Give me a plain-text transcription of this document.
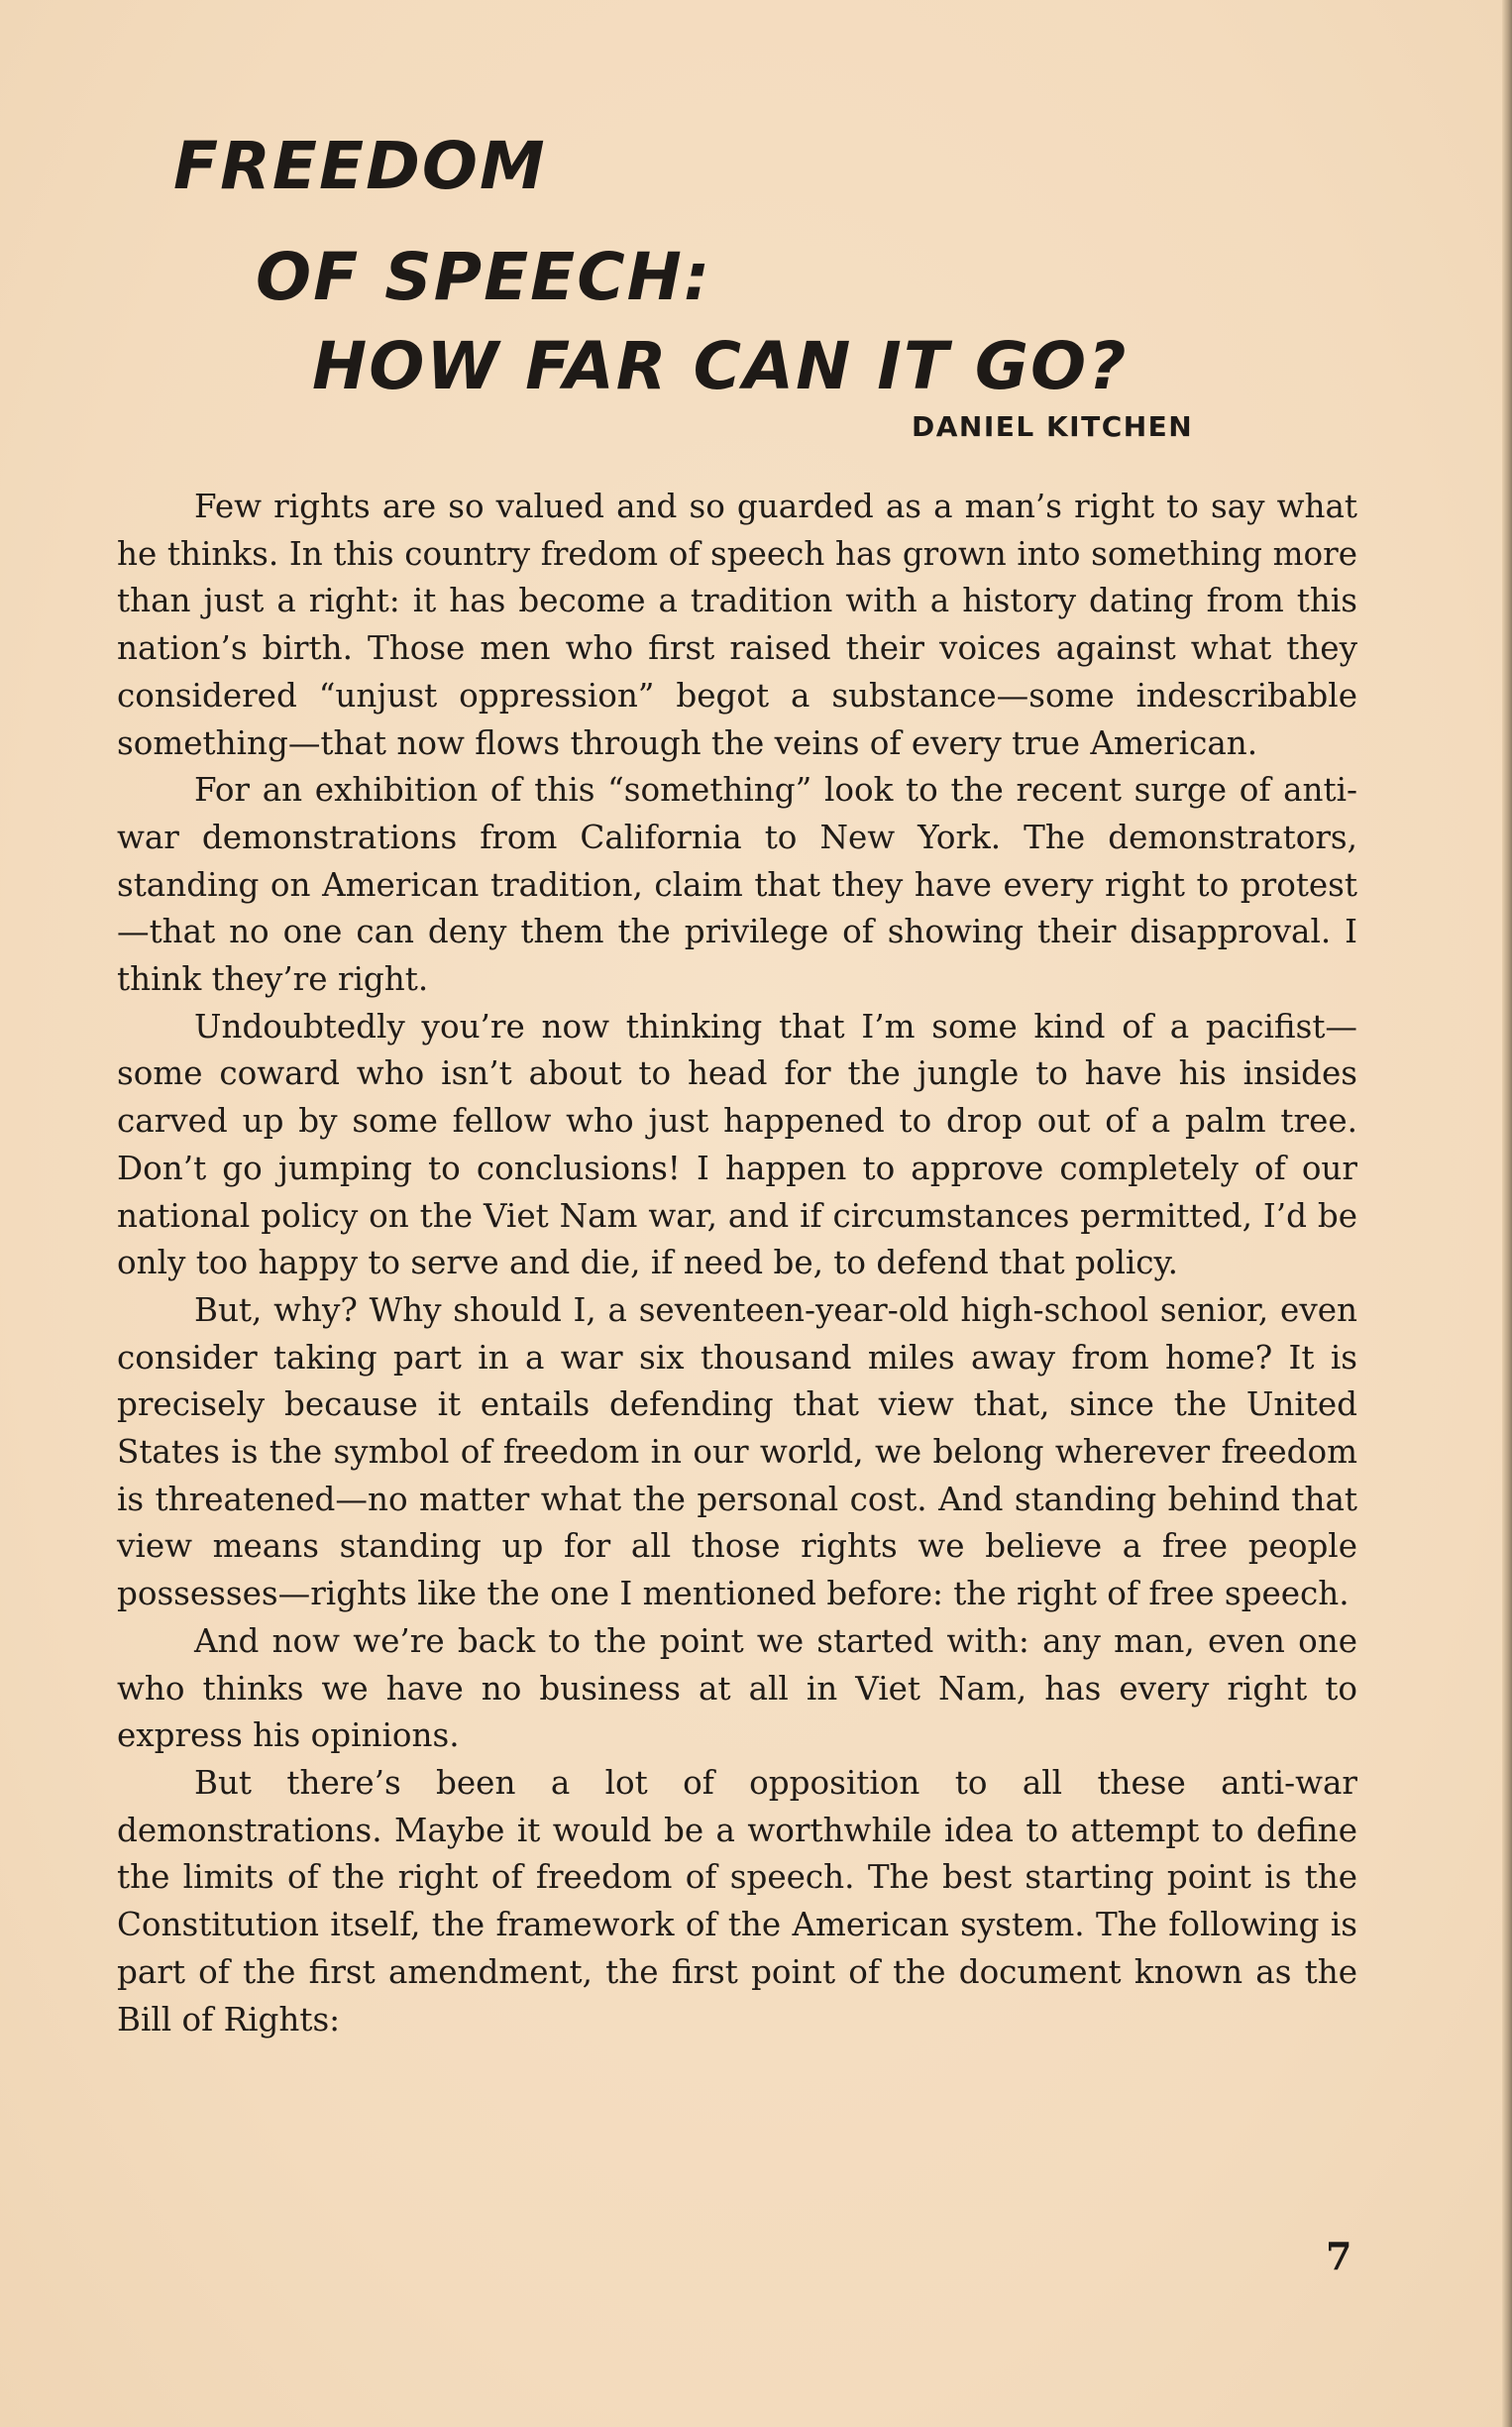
FREEDOM
OF SPEECH:
HOW FAR CAN IT GO?
DANIEL KITCHEN

Few rights are so valued and so guarded as a man’s right to say what he thinks. In this country fredom of speech has grown into something more than just a right: it has become a tradition with a history dating from this nation’s birth. Those men who first raised their voices against what they considered “unjust oppression” begot a substance—some indescribable something—that now flows through the veins of every true American.

For an exhibition of this “something” look to the recent surge of anti-war demonstrations from California to New York. The demonstrators, standing on American tradition, claim that they have every right to protest—that no one can deny them the privilege of showing their disapproval. I think they’re right.

Undoubtedly you’re now thinking that I’m some kind of a pacifist—some coward who isn’t about to head for the jungle to have his insides carved up by some fellow who just happened to drop out of a palm tree. Don’t go jumping to conclusions! I happen to approve completely of our national policy on the Viet Nam war, and if circumstances permitted, I’d be only too happy to serve and die, if need be, to defend that policy.

But, why? Why should I, a seventeen-year-old high-school senior, even consider taking part in a war six thousand miles away from home? It is precisely because it entails defending that view that, since the United States is the symbol of freedom in our world, we belong wherever freedom is threatened—no matter what the personal cost. And standing behind that view means standing up for all those rights we believe a free people possesses—rights like the one I mentioned before: the right of free speech.

And now we’re back to the point we started with: any man, even one who thinks we have no business at all in Viet Nam, has every right to express his opinions.

But there’s been a lot of opposition to all these anti-war demonstrations. Maybe it would be a worthwhile idea to attempt to define the limits of the right of freedom of speech. The best starting point is the Constitution itself, the framework of the American system. The following is part of the first amendment, the first point of the document known as the Bill of Rights:

7
